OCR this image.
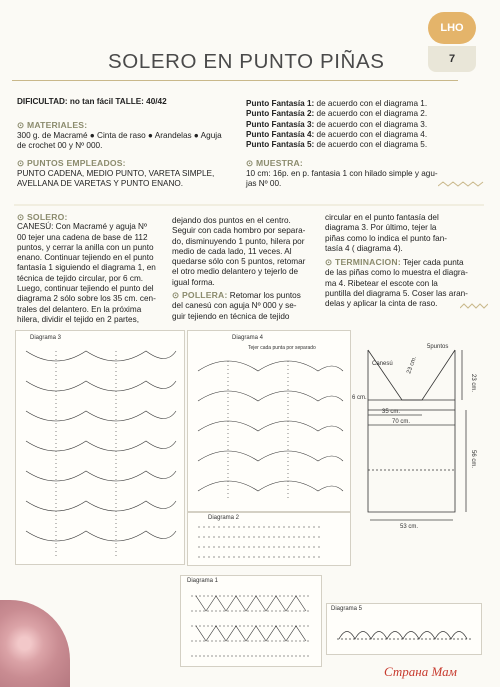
LHO
7
SOLERO EN PUNTO PIÑAS
DIFICULTAD: no tan fácil TALLE: 40/42
⊙ MATERIALES:
300 g. de Macramé ● Cinta de raso ● Arandelas ● Aguja
de crochet 00 y Nº 000.
⊙ PUNTOS EMPLEADOS:
PUNTO CADENA, MEDIO PUNTO, VARETA SIMPLE,
AVELLANA DE VARETAS Y PUNTO ENANO.
Punto Fantasía 1: de acuerdo con el diagrama 1.
Punto Fantasía 2: de acuerdo con el diagrama 2.
Punto Fantasía 3: de acuerdo con el diagrama 3.
Punto Fantasía 4: de acuerdo con el diagrama 4.
Punto Fantasía 5: de acuerdo con el diagrama 5.
⊙ MUESTRA:
10 cm: 16p. en p. fantasia 1 con hilado simple y agu-
jas Nº 00.
⊙ SOLERO:
CANESÚ: Con Macramé y aguja Nº
00 tejer una cadena de base de 112
puntos, y cerrar la anilla con un punto
enano. Continuar tejiendo en el punto
fantasía 1 siguiendo el diagrama 1, en
técnica de tejido circular, por 6 cm.
Luego, continuar tejiendo el punto del
diagrama 2 sólo sobre los 35 cm. cen-
trales del delantero. En la próxima
hilera, dividir el tejido en 2 partes,
dejando dos puntos en el centro.
Seguir con cada hombro por separa-
do, disminuyendo 1 punto, hilera por
medio de cada lado, 11 veces. Al
quedarse sólo con 5 puntos, retomar
el otro medio delantero y tejerlo de
igual forma.
⊙ POLLERA: Retomar los puntos
del canesú con aguja Nº 000 y se-
guir tejiendo en técnica de tejido
circular en el punto fantasía del
diagrama 3. Por último, tejer la
piñas como lo indica el punto fan-
tasía 4 ( diagrama 4).
⊙ TERMINACION: Tejer cada punta
de las piñas como lo muestra el diagra-
ma 4. Ribetear el escote con la
puntilla del diagrama 5. Coser las aran-
delas y aplicar la cinta de raso.
Diagrama 3	Diagrama 4
Tejer cada punta por separado
Diagrama 2
Diagrama 1
Diagrama 5
5puntos
Canesú 23 cm.
23 cm.
35 cm.
70 cm.
6 cm.
56 cm.
53 cm.
Страна Мам
